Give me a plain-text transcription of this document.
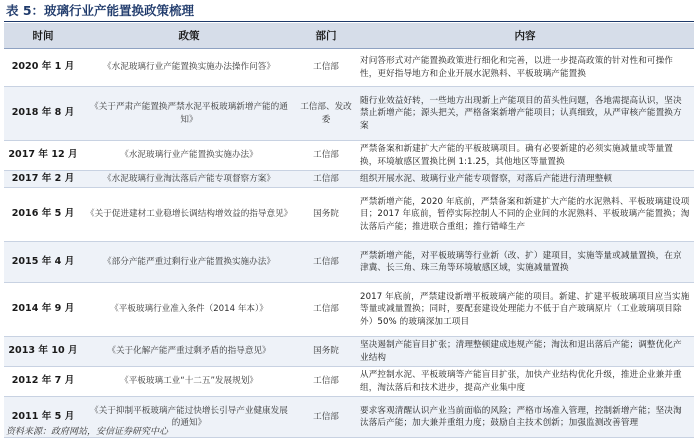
表 5：玻璃行业产能置换政策梳理
时间	政策	部门	内容
2020 年 1 月	《水泥玻璃行业产能置换实施办法操作问答》	工信部	对问答形式对产能置换政策进行细化和完善，以进一步提高政策的针对性和可操作性，更好指导地方和企业开展水泥熟料、平板玻璃产能置换
2018 年 8 月	《关于严肃产能置换严禁水泥平板玻璃新增产能的通知》	工信部、发改委	随行业效益好转，一些地方出现新上产能项目的苗头性问题，各地需提高认识，坚决禁止新增产能；源头把关，严格备案新增产能项目；认真细致，从严审核产能置换方案
2017 年 12 月	《水泥玻璃行业产能置换实施办法》	工信部	严禁备案和新建扩大产能的平板玻璃项目。确有必要新建的必须实施减量或等量置换，环境敏感区置换比例 1:1.25，其他地区等量置换
2017 年 2 月	《水泥玻璃行业淘汰落后产能专项督察方案》	工信部	组织开展水泥、玻璃行业产能专项督察，对落后产能进行清理整顿
2016 年 5 月	《关于促进建材工业稳增长调结构增效益的指导意见》	国务院	严禁新增产能，2020 年底前，严禁备案和新建扩大产能的水泥熟料、平板玻璃建设项目；2017 年底前，暂停实际控制人不同的企业间的水泥熟料、平板玻璃产能置换；淘汰落后产能；推进联合重组；推行错峰生产
2015 年 4 月	《部分产能严重过剩行业产能置换实施办法》	工信部	严禁新增产能，对平板玻璃等行业新（改、扩）建项目，实施等量或减量置换，在京津冀、长三角、珠三角等环境敏感区域，实施减量置换
2014 年 9 月	《平板玻璃行业准入条件（2014 年本）》	工信部	2017 年底前，严禁建设新增平板玻璃产能的项目。新建、扩建平板玻璃项目应当实施等量或减量置换；同时，要配套建设处理能力不低于自产玻璃原片（工业玻璃项目除外）50% 的玻璃深加工项目
2013 年 10 月	《关于化解产能严重过剩矛盾的指导意见》	国务院	坚决遏制产能盲目扩张；清理整顿建成违规产能；淘汰和退出落后产能；调整优化产业结构
2012 年 7 月	《平板玻璃工业“十二五”发展规划》	工信部	从严控制水泥、平板玻璃等产能盲目扩张，加快产业结构优化升级，推进企业兼并重组，淘汰落后和技术进步，提高产业集中度
2011 年 5 月	《关于抑制平板玻璃产能过快增长引导产业健康发展的通知》	工信部	要求客观清醒认识产业当前面临的风险；严格市场准入管理，控制新增产能；坚决淘汰落后产能；加大兼并重组力度；鼓励自主技术创新；加强监测改善管理
资料来源：政府网站，安信证券研究中心
